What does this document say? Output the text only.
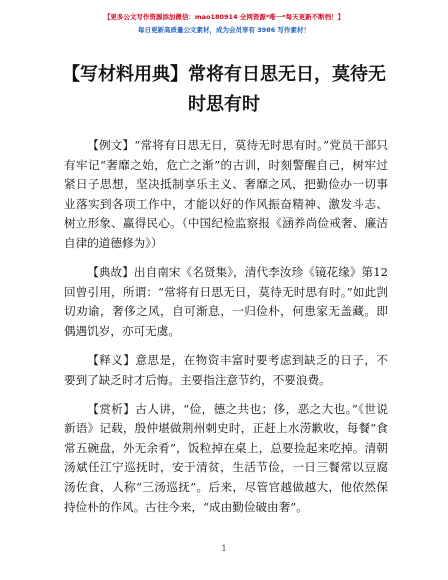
【更多公文写作资源添加微信：mao180914 全网资源*唯一*每天更新不断档！】
每日更新高质量公文素材，成为会员享有 3986 写作素材！
【写材料用典】常将有日思无日，莫待无时思有时

【例文】“常将有日思无日，莫待无时思有时。”党员干部只有牢记“奢靡之始，危亡之渐”的古训，时刻警醒自己，树牢过紧日子思想，坚决抵制享乐主义、奢靡之风，把勤俭办一切事业落实到各项工作中，才能以好的作风振奋精神、激发斗志、树立形象、赢得民心。（中国纪检监察报《涵养尚俭戒奢、廉洁自律的道德修为》）

【典故】出自南宋《名贤集》，清代李汝珍《镜花缘》第12回曾引用，所谓：“常将有日思无日，莫待无时思有时。”如此剀切劝谕，奢侈之风，自可渐息，一归俭朴，何患家无盖藏。即偶遇饥岁，亦可无虞。

【释义】意思是，在物资丰富时要考虑到缺乏的日子，不要到了缺乏时才后悔。主要指注意节约，不要浪费。

【赏析】古人讲，“俭，德之共也；侈，恶之大也。”《世说新语》记载，殷仲堪做荆州刺史时，正赶上水涝歉收，每餐“食常五碗盘，外无余肴”，饭粒掉在桌上，总要捡起来吃掉。清朝汤斌任江宁巡抚时，安于清贫，生活节俭，一日三餐常以豆腐汤佐食，人称“三汤巡抚”。后来，尽管官越做越大，他依然保持俭朴的作风。古往今来，“成由勤俭破由奢”。

1
